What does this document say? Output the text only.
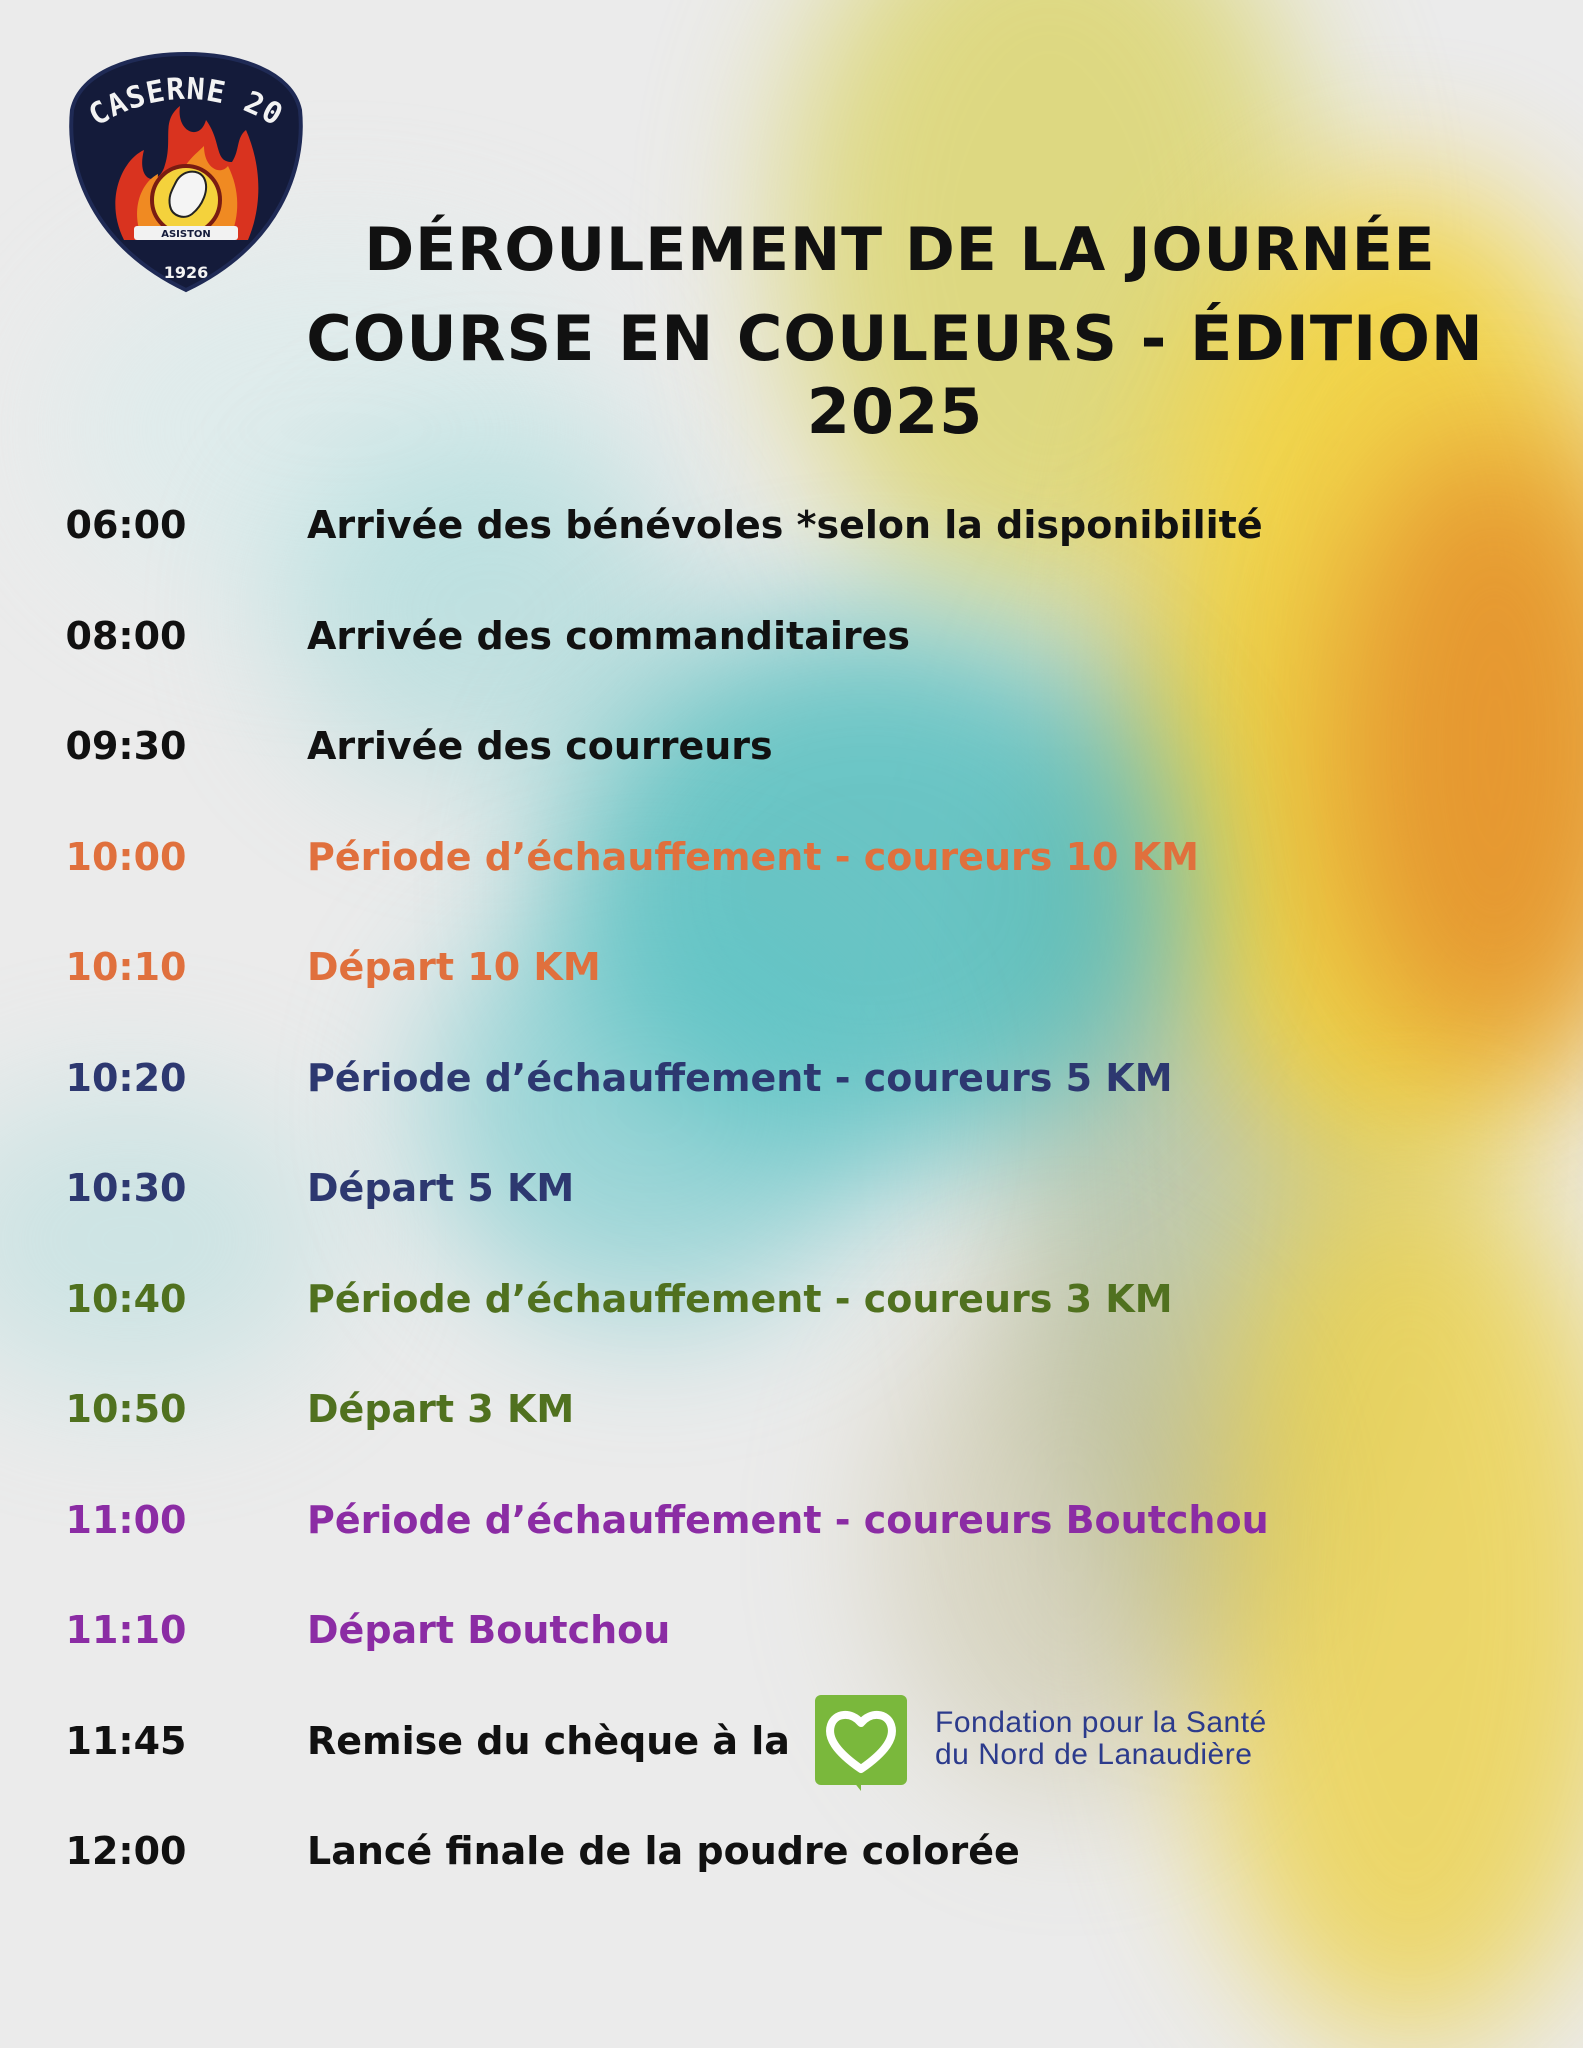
ASISTON
CASERNE 20
1926	DÉROULEMENT DE LA JOURNÉE
COURSE EN COULEURS - ÉDITION 2025
06:00	Arrivée des bénévoles *selon la disponibilité
08:00	Arrivée des commanditaires
09:30	Arrivée des courreurs
10:00	Période d’échauffement - coureurs 10 KM
10:10	Départ 10 KM
10:20	Période d’échauffement - coureurs 5 KM
10:30	Départ 5 KM
10:40	Période d’échauffement - coureurs 3 KM
10:50	Départ 3 KM
11:00	Période d’échauffement - coureurs Boutchou
11:10	Départ Boutchou
11:45	Remise du chèque à la
12:00	Lancé finale de la poudre colorée
Fondation pour la Santé
du Nord de Lanaudière
